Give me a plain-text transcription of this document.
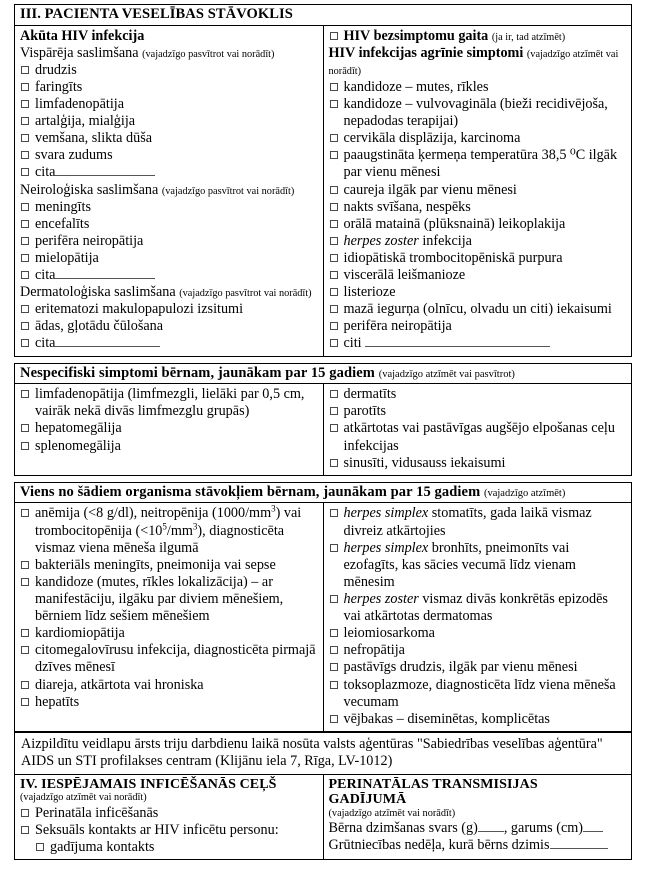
III. PACIENTA VESELĪBAS STĀVOKLIS

Akūta HIV infekcija
Vispārēja saslimšana (vajadzīgo pasvītrot vai norādīt)
drudzis
faringīts
limfadenopātija
artalģija, mialģija
vemšana, slikta dūša
svara zudums
cita
Neiroloģiska saslimšana (vajadzīgo pasvītrot vai norādīt)
meningīts
encefalīts
perifēra neiropātija
mielopātija
cita
Dermatoloģiska saslimšana (vajadzīgo pasvītrot vai norādīt)
eritematozi makulopapulozi izsitumi
ādas, gļotādu čūlošana
cita

HIV bezsimptomu gaita (ja ir, tad atzīmēt)
HIV infekcijas agrīnie simptomi (vajadzīgo atzīmēt vai norādīt)
kandidoze – mutes, rīkles
kandidoze – vulvovagināla (bieži recidivējoša, nepadodas terapijai)
cervikāla displāzija, karcinoma
paaugstināta ķermeņa temperatūra 38,5 ⁰C ilgāk par vienu mēnesi
caureja ilgāk par vienu mēnesi
nakts svīšana, nespēks
orālā matainā (plūksnainā) leikoplakija
herpes zoster infekcija
idiopātiskā trombocitopēniskā purpura
viscerālā leišmanioze
listerioze
mazā iegurņa (olnīcu, olvadu un citi) iekaisumi
perifēra neiropātija
citi
Nespecifiski simptomi bērnam, jaunākam par 15 gadiem (vajadzīgo atzīmēt vai pasvītrot)

limfadenopātija (limfmezgli, lielāki par 0,5 cm, vairāk nekā divās limfmezglu grupās)
hepatomegālija
splenomegālija

dermatīts
parotīts
atkārtotas vai pastāvīgas augšējo elpošanas ceļu infekcijas
sinusīti, vidusauss iekaisumi
Viens no šādiem organisma stāvokļiem bērnam, jaunākam par 15 gadiem (vajadzīgo atzīmēt)

anēmija (<8 g/dl), neitropēnija $(1000/mm^3)$ vai trombocitopēnija $(<10^5/mm^3)$, diagnosticēta vismaz viena mēneša ilgumā
bakteriāls meningīts, pneimonija vai sepse
kandidoze (mutes, rīkles lokalizācija) – ar manifestāciju, ilgāku par diviem mēnešiem, bērniem līdz sešiem mēnešiem
kardiomiopātija
citomegalovīrusu infekcija, diagnosticēta pirmajā dzīves mēnesī
diareja, atkārtota vai hroniska
hepatīts

herpes simplex stomatīts, gada laikā vismaz divreiz atkārtojies
herpes simplex bronhīts, pneimonīts vai ezofagīts, kas sācies vecumā līdz vienam mēnesim
herpes zoster vismaz divās konkrētās epizodēs vai atkārtotas dermatomas
leiomiosarkoma
nefropātija
pastāvīgs drudzis, ilgāk par vienu mēnesi
toksoplazmoze, diagnosticēta līdz viena mēneša vecumam
vējbakas – diseminētas, komplicētas
Aizpildītu veidlapu ārsts triju darbdienu laikā nosūta valsts aģentūras "Sabiedrības veselības aģentūra" AIDS un STI profilakses centram (Klijānu iela 7, Rīga, LV-1012)

IV. IESPĒJAMAIS INFICĒŠANĀS CEĻŠ
(vajadzīgo atzīmēt vai norādīt)
Perinatāla inficēšanās
Seksuāls kontakts ar HIV inficētu personu:
gadījuma kontakts

PERINATĀLAS TRANSMISIJAS
GADĪJUMĀ
(vajadzīgo atzīmēt vai norādīt)
Bērna dzimšanas svars (g) , garums (cm)
Grūtniecības nedēļa, kurā bērns dzimis
